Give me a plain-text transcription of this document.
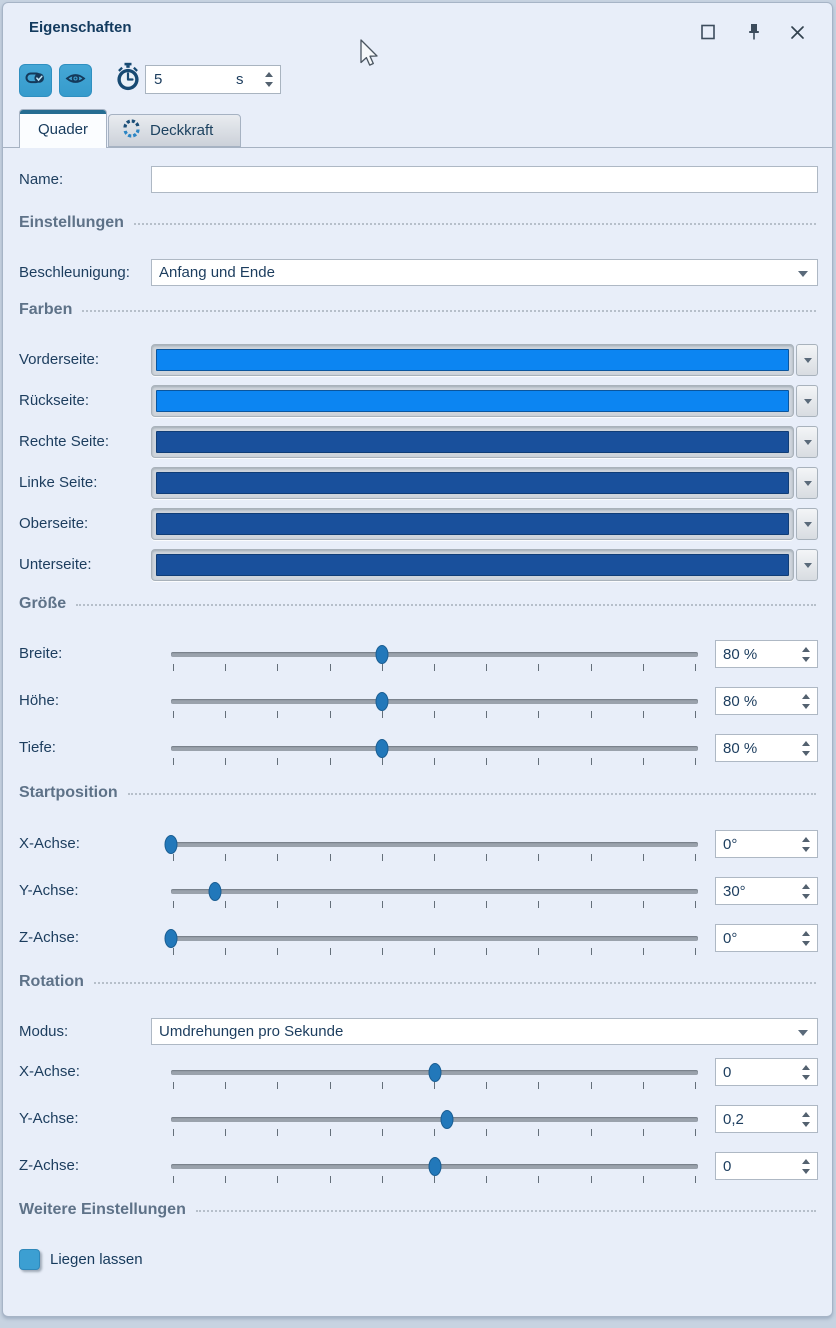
Eigenschaften
5	s
Quader	Deckkraft
Name:
Einstellungen
Beschleunigung: Anfang und Ende
Farben
Vorderseite:
Rückseite:
Rechte Seite:
Linke Seite:
Oberseite:
Unterseite:
Größe
Breite:	80 %
Höhe:	80 %
Tiefe:	80 %
Startposition
X-Achse:	0°
Y-Achse:	30°
Z-Achse:	0°
Rotation
Modus:	Umdrehungen pro Sekunde
X-Achse:	0
Y-Achse:	0,2
Z-Achse:	0
Weitere Einstellungen
Liegen lassen
